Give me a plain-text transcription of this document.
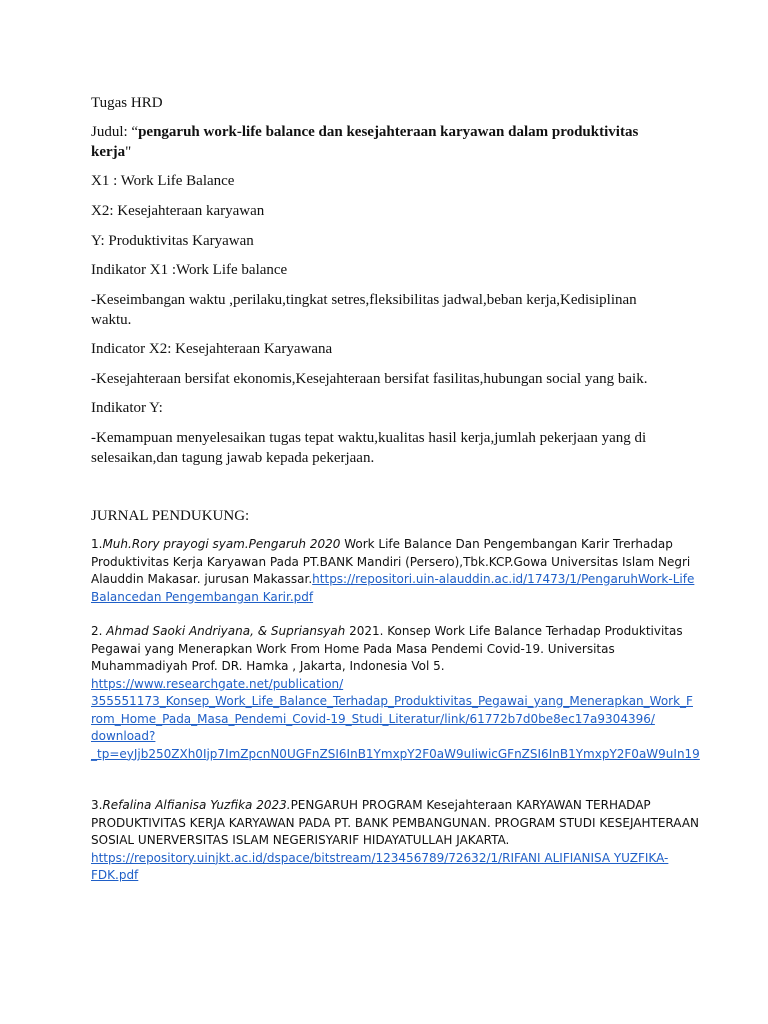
Tugas HRD

Judul: “pengaruh work-life balance dan kesejahteraan karyawan dalam produktivitas
kerja"

X1 : Work Life Balance

X2: Kesejahteraan karyawan

Y: Produktivitas Karyawan

Indikator X1 :Work Life balance

-Keseimbangan waktu ,perilaku,tingkat setres,fleksibilitas jadwal,beban kerja,Kedisiplinan
waktu.

Indicator X2: Kesejahteraan Karyawana

-Kesejahteraan bersifat ekonomis,Kesejahteraan bersifat fasilitas,hubungan social yang baik.

Indikator Y:

-Kemampuan menyelesaikan tugas tepat waktu,kualitas hasil kerja,jumlah pekerjaan yang di
selesaikan,dan tagung jawab kepada pekerjaan.

JURNAL PENDUKUNG:

1.Muh.Rory prayogi syam.Pengaruh 2020 Work Life Balance Dan Pengembangan Karir Trerhadap
Produktivitas Kerja Karyawan Pada PT.BANK Mandiri (Persero),Tbk.KCP.Gowa Universitas Islam Negri
Alauddin Makasar. jurusan Makassar.https://repositori.uin-alauddin.ac.id/17473/1/PengaruhWork-Life
Balancedan Pengembangan Karir.pdf
2. Ahmad Saoki Andriyana, & Supriansyah 2021. Konsep Work Life Balance Terhadap Produktivitas
Pegawai yang Menerapkan Work From Home Pada Masa Pendemi Covid-19. Universitas
Muhammadiyah Prof. DR. Hamka , Jakarta, Indonesia Vol 5.
https://www.researchgate.net/publication/
355551173_Konsep_Work_Life_Balance_Terhadap_Produktivitas_Pegawai_yang_Menerapkan_Work_F
rom_Home_Pada_Masa_Pendemi_Covid-19_Studi_Literatur/link/61772b7d0be8ec17a9304396/
download?
_tp=eyJjb250ZXh0Ijp7ImZpcnN0UGFnZSI6InB1YmxpY2F0aW9uIiwicGFnZSI6InB1YmxpY2F0aW9uIn19
3.Refalina Alfianisa Yuzfika 2023.PENGARUH PROGRAM Kesejahteraan KARYAWAN TERHADAP
PRODUKTIVITAS KERJA KARYAWAN PADA PT. BANK PEMBANGUNAN. PROGRAM STUDI KESEJAHTERAAN
SOSIAL UNERVERSITAS ISLAM NEGERISYARIF HIDAYATULLAH JAKARTA.
https://repository.uinjkt.ac.id/dspace/bitstream/123456789/72632/1/RIFANI ALIFIANISA YUZFIKA-
FDK.pdf
